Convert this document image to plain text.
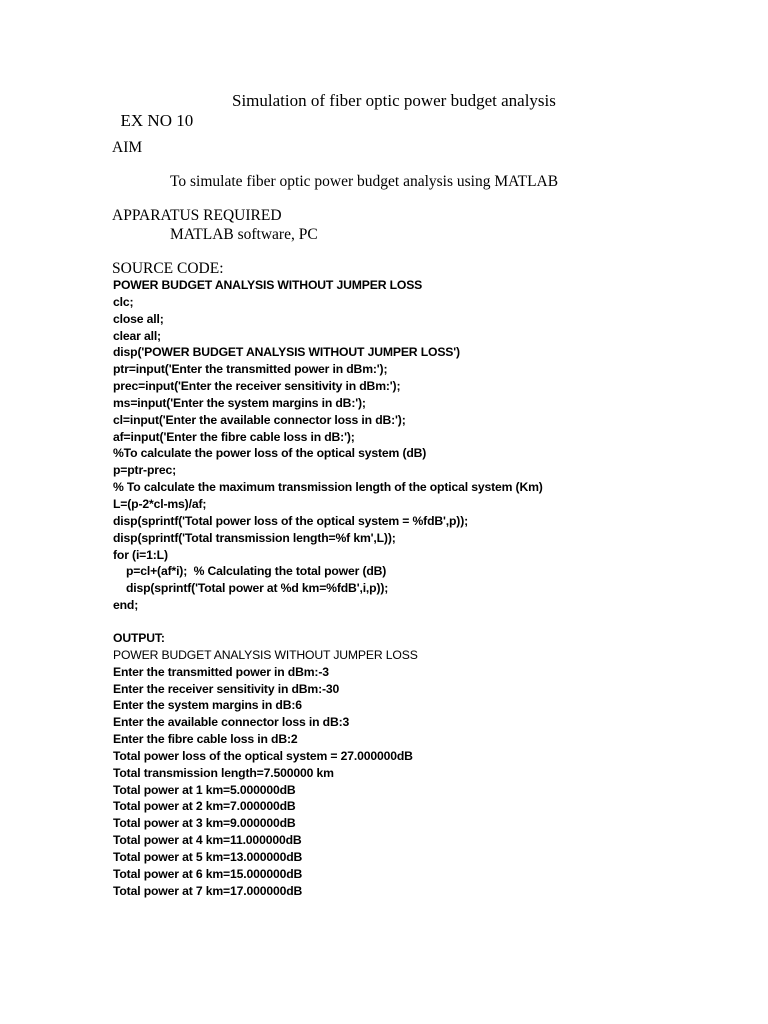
EX NO 10

Simulation of fiber optic power budget analysis

AIM
To simulate fiber optic power budget analysis using MATLAB
APPARATUS REQUIRED
MATLAB software, PC
SOURCE CODE:
POWER BUDGET ANALYSIS WITHOUT JUMPER LOSS
clc;
close all;
clear all;
disp('POWER BUDGET ANALYSIS WITHOUT JUMPER LOSS')
ptr=input('Enter the transmitted power in dBm:');
prec=input('Enter the receiver sensitivity in dBm:');
ms=input('Enter the system margins in dB:');
cl=input('Enter the available connector loss in dB:');
af=input('Enter the fibre cable loss in dB:');
%To calculate the power loss of the optical system (dB)
p=ptr-prec;
% To calculate the maximum transmission length of the optical system (Km)
L=(p-2*cl-ms)/af;
disp(sprintf('Total power loss of the optical system = %fdB',p));
disp(sprintf('Total transmission length=%f km',L));
for (i=1:L)
p=cl+(af*i);  % Calculating the total power (dB)
disp(sprintf('Total power at %d km=%fdB',i,p));
end;
OUTPUT:
POWER BUDGET ANALYSIS WITHOUT JUMPER LOSS
Enter the transmitted power in dBm:-3
Enter the receiver sensitivity in dBm:-30
Enter the system margins in dB:6
Enter the available connector loss in dB:3
Enter the fibre cable loss in dB:2
Total power loss of the optical system = 27.000000dB
Total transmission length=7.500000 km
Total power at 1 km=5.000000dB
Total power at 2 km=7.000000dB
Total power at 3 km=9.000000dB
Total power at 4 km=11.000000dB
Total power at 5 km=13.000000dB
Total power at 6 km=15.000000dB
Total power at 7 km=17.000000dB
